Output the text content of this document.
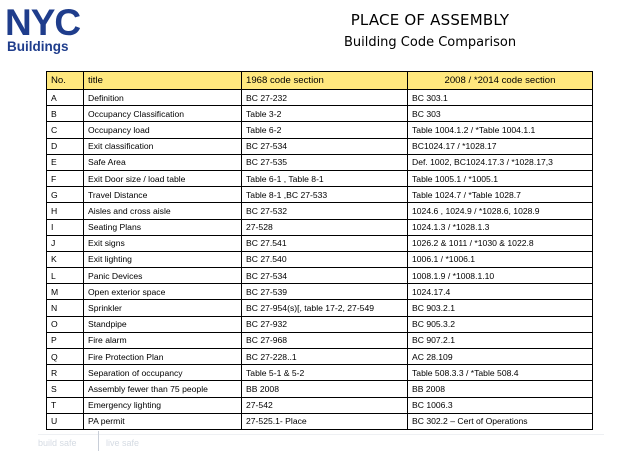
NYC
Buildings
PLACE OF ASSEMBLY
Building Code Comparison
No.	title	1968 code section	2008 / *2014 code section
A	Definition	BC 27-232	BC 303.1
B	Occupancy Classification	Table 3-2	BC 303
C	Occupancy load	Table 6-2	Table 1004.1.2 / *Table 1004.1.1
D	Exit classification	BC 27-534	BC1024.17 / *1028.17
E	Safe Area	BC 27-535	Def. 1002, BC1024.17.3 / *1028.17,3
F	Exit Door size / load table	Table 6-1 , Table 8-1	Table 1005.1 / *1005.1
G	Travel Distance	Table 8-1 ,BC 27-533	Table 1024.7 / *Table 1028.7
H	Aisles and cross aisle	BC 27-532	1024.6 , 1024.9 / *1028.6, 1028.9
I	Seating Plans	27-528	1024.1.3 / *1028.1.3
J	Exit signs	BC 27.541	1026.2 & 1011 / *1030 & 1022.8
K	Exit lighting	BC 27.540	1006.1 / *1006.1
L	Panic Devices	BC 27-534	1008.1.9 / *1008.1.10
M	Open exterior space	BC 27-539	1024.17.4
N	Sprinkler	BC 27-954(s)[, table 17-2, 27-549	BC 903.2.1
O	Standpipe	BC 27-932	BC 905.3.2
P	Fire alarm	BC 27-968	BC 907.2.1
Q	Fire Protection Plan	BC 27-228..1	AC 28.109
R	Separation of occupancy	Table 5-1 & 5-2	Table 508.3.3 / *Table 508.4
S	Assembly fewer than 75 people	BB 2008	BB 2008
T	Emergency lighting	27-542	BC 1006.3
U	PA permit	27-525.1- Place	BC 302.2 – Cert of Operations
build safe	live safe
